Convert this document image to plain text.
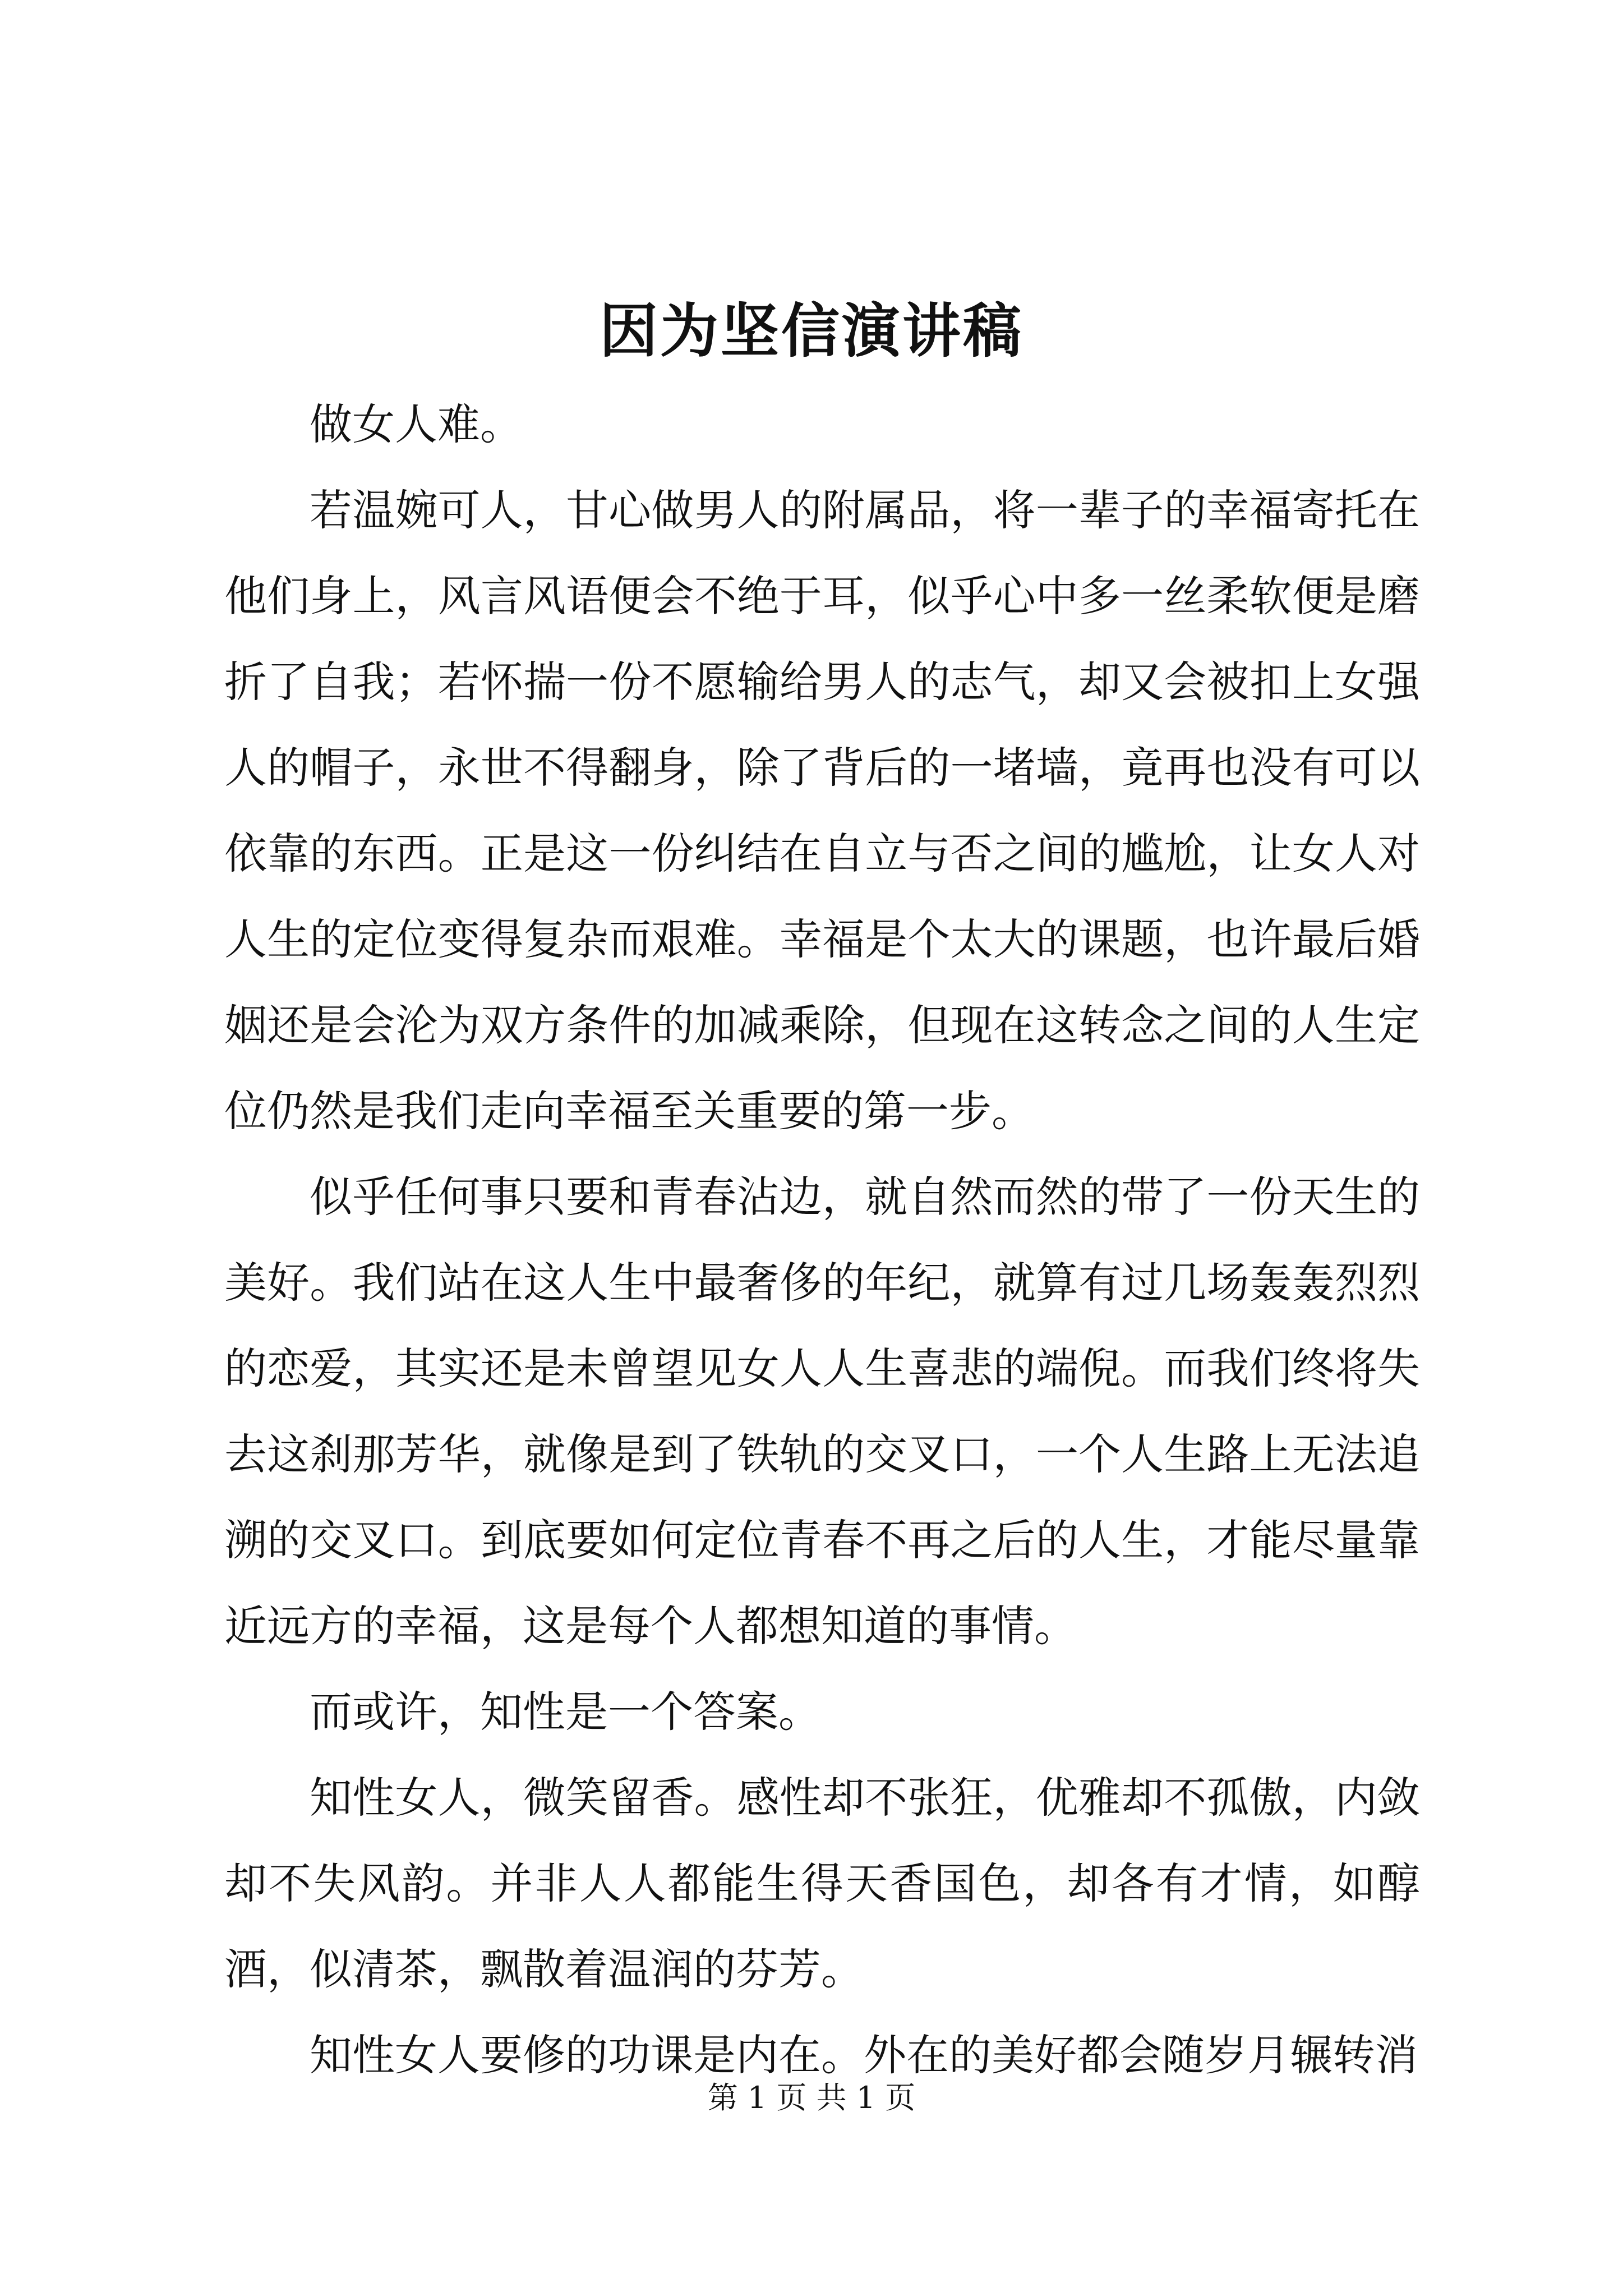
因为坚信演讲稿

做女人难。

若温婉可人，甘心做男人的附属品，将一辈子的幸福寄托在他们身上，风言风语便会不绝于耳，似乎心中多一丝柔软便是磨折了自我；若怀揣一份不愿输给男人的志气，却又会被扣上女强人的帽子，永世不得翻身，除了背后的一堵墙，竟再也没有可以依靠的东西。正是这一份纠结在自立与否之间的尴尬，让女人对人生的定位变得复杂而艰难。幸福是个太大的课题，也许最后婚姻还是会沦为双方条件的加减乘除，但现在这转念之间的人生定位仍然是我们走向幸福至关重要的第一步。

似乎任何事只要和青春沾边，就自然而然的带了一份天生的美好。我们站在这人生中最奢侈的年纪，就算有过几场轰轰烈烈的恋爱，其实还是未曾望见女人人生喜悲的端倪。而我们终将失去这刹那芳华，就像是到了铁轨的交叉口，一个人生路上无法追溯的交叉口。到底要如何定位青春不再之后的人生，才能尽量靠近远方的幸福，这是每个人都想知道的事情。

而或许，知性是一个答案。

知性女人，微笑留香。感性却不张狂，优雅却不孤傲，内敛却不失风韵。并非人人都能生得天香国色，却各有才情，如醇酒，似清茶，飘散着温润的芬芳。

知性女人要修的功课是内在。外在的美好都会随岁月辗转消

第 1 页 共 1 页
